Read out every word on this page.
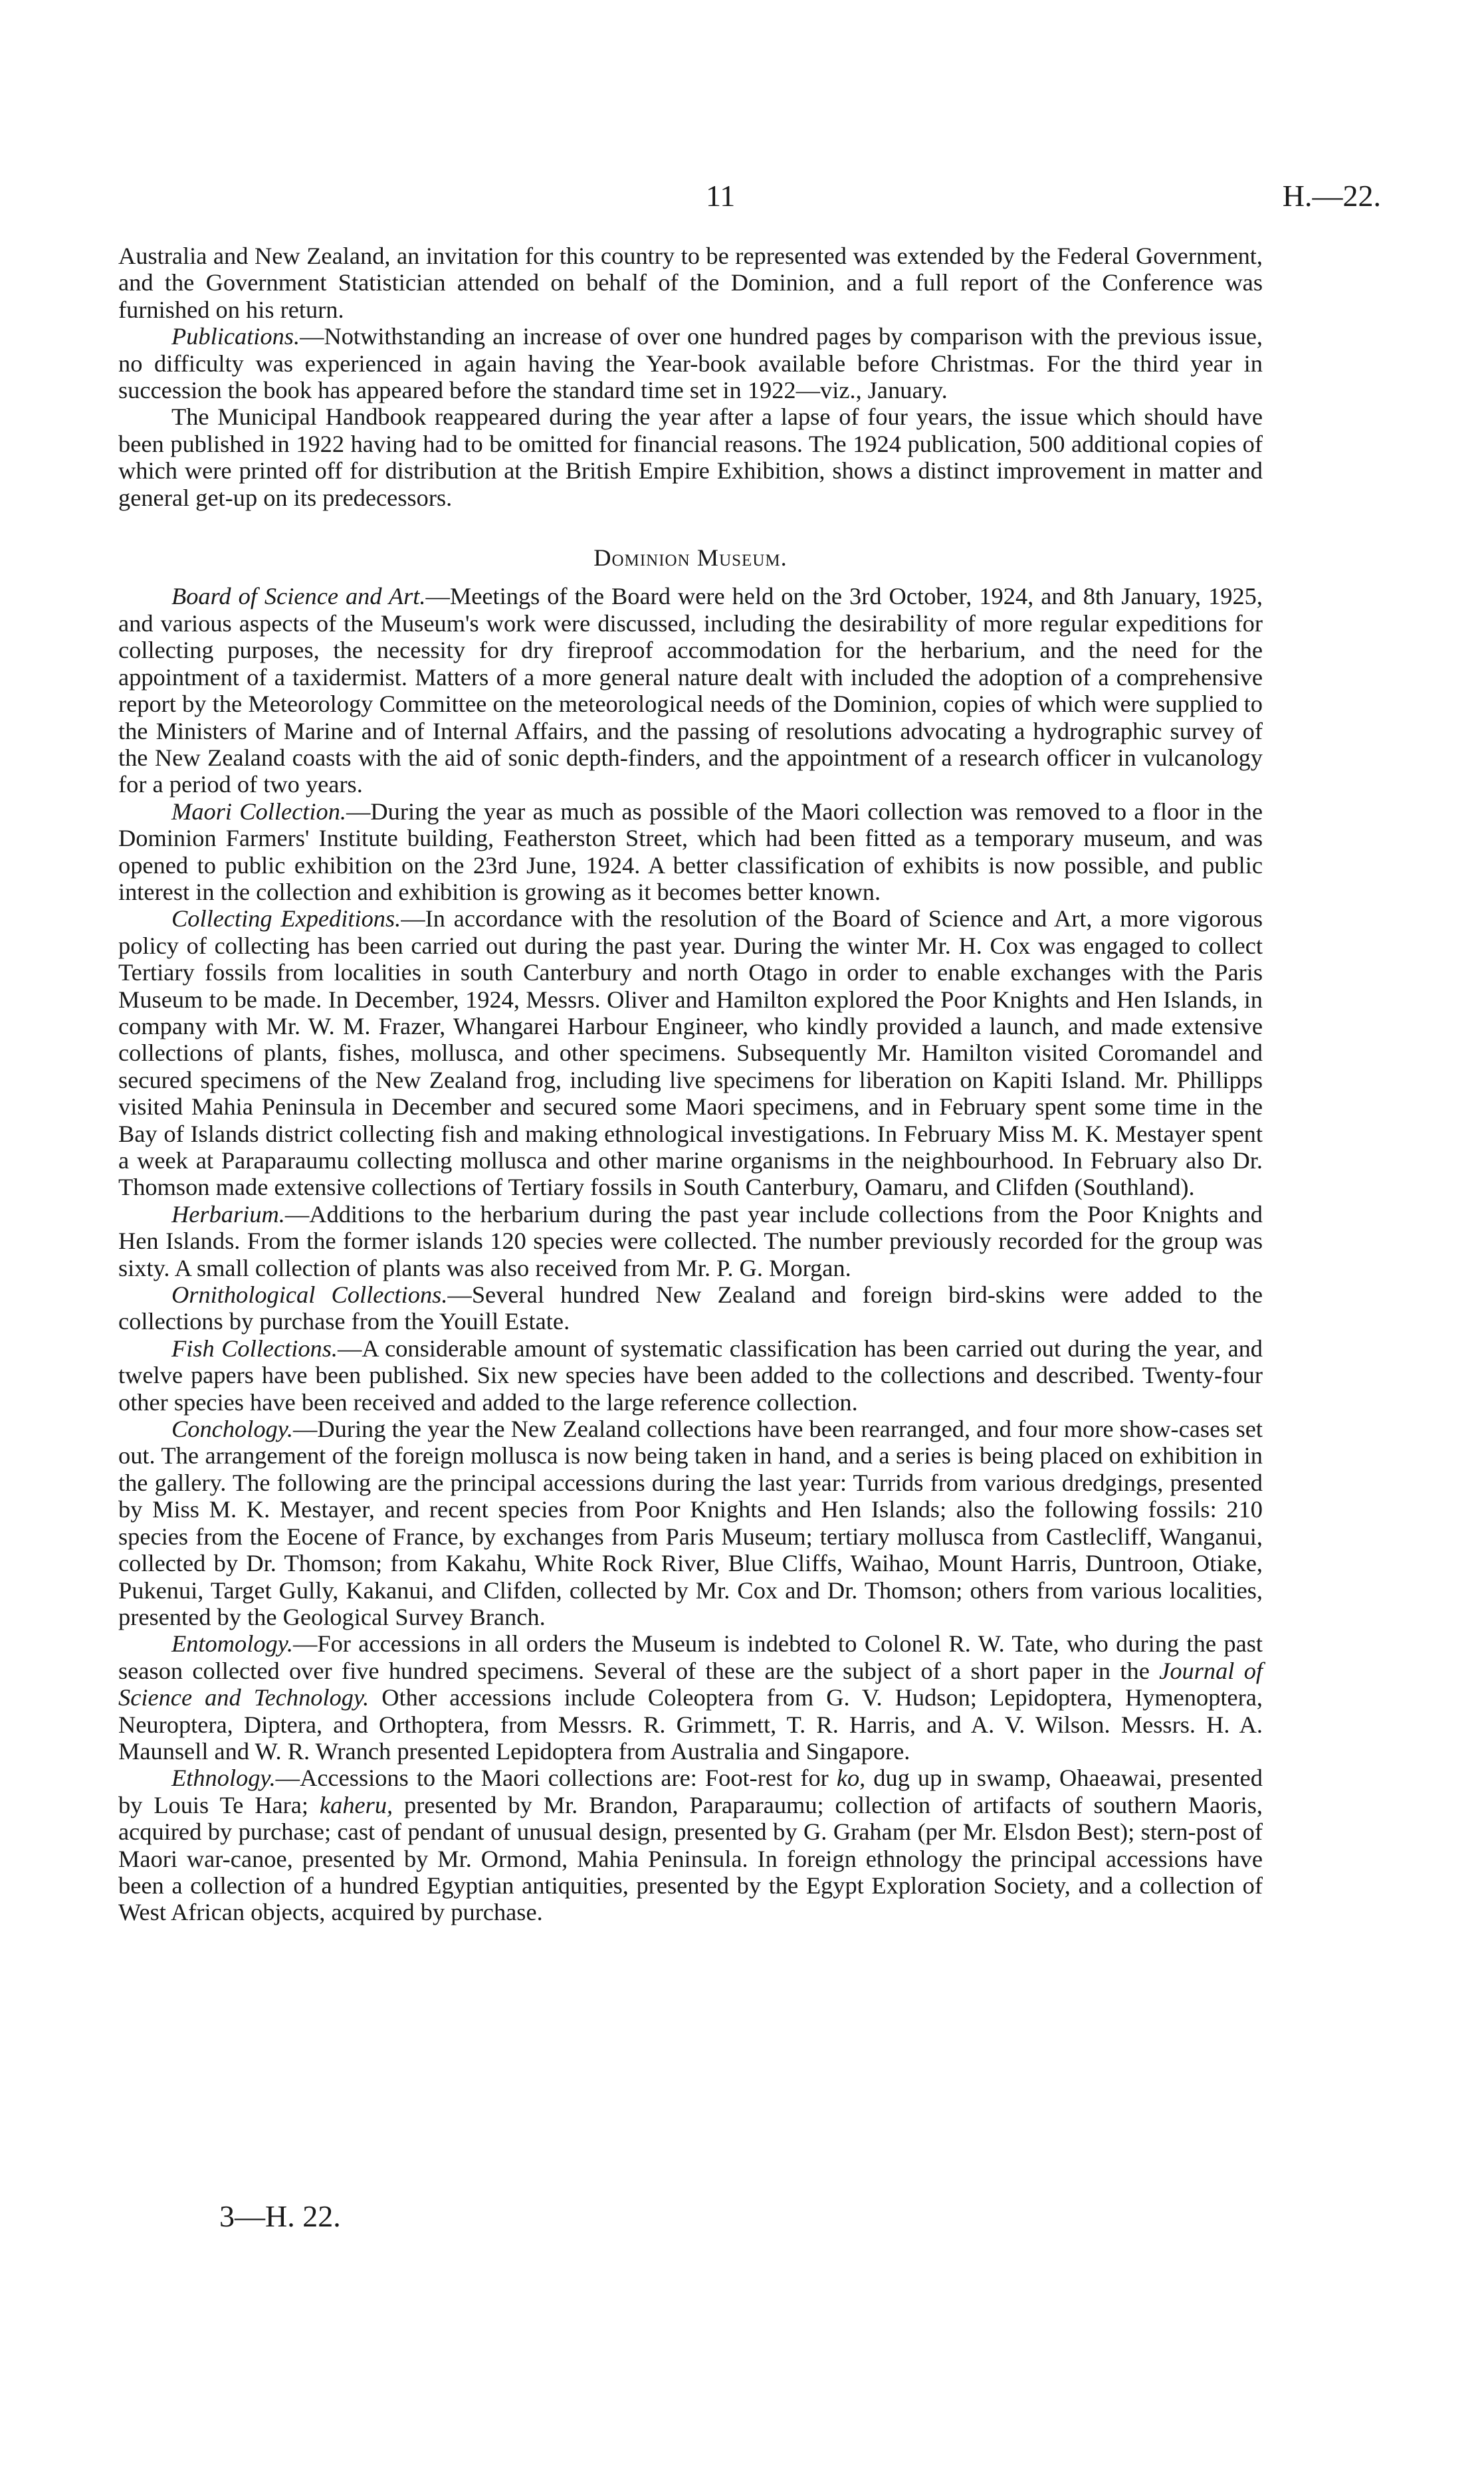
11	H.—22.

Australia and New Zealand, an invitation for this country to be represented was extended by the Federal Government, and the Government Statistician attended on behalf of the Dominion, and a full report of the Conference was furnished on his return.

Publications.—Notwithstanding an increase of over one hundred pages by comparison with the previous issue, no difficulty was experienced in again having the Year-book available before Christmas. For the third year in succession the book has appeared before the standard time set in 1922—viz., January.

The Municipal Handbook reappeared during the year after a lapse of four years, the issue which should have been published in 1922 having had to be omitted for financial reasons. The 1924 publication, 500 additional copies of which were printed off for distribution at the British Empire Exhibition, shows a distinct improvement in matter and general get-up on its predecessors.

Dominion Museum.

Board of Science and Art.—Meetings of the Board were held on the 3rd October, 1924, and 8th January, 1925, and various aspects of the Museum's work were discussed, including the desirability of more regular expeditions for collecting purposes, the necessity for dry fireproof accommodation for the herbarium, and the need for the appointment of a taxidermist. Matters of a more general nature dealt with included the adoption of a comprehensive report by the Meteorology Committee on the meteorological needs of the Dominion, copies of which were supplied to the Ministers of Marine and of Internal Affairs, and the passing of resolutions advocating a hydrographic survey of the New Zealand coasts with the aid of sonic depth-finders, and the appointment of a research officer in vulcanology for a period of two years.

Maori Collection.—During the year as much as possible of the Maori collection was removed to a floor in the Dominion Farmers' Institute building, Featherston Street, which had been fitted as a temporary museum, and was opened to public exhibition on the 23rd June, 1924. A better classification of exhibits is now possible, and public interest in the collection and exhibition is growing as it becomes better known.

Collecting Expeditions.—In accordance with the resolution of the Board of Science and Art, a more vigorous policy of collecting has been carried out during the past year. During the winter Mr. H. Cox was engaged to collect Tertiary fossils from localities in south Canterbury and north Otago in order to enable exchanges with the Paris Museum to be made. In December, 1924, Messrs. Oliver and Hamilton explored the Poor Knights and Hen Islands, in company with Mr. W. M. Frazer, Whangarei Harbour Engineer, who kindly provided a launch, and made extensive collections of plants, fishes, mollusca, and other specimens. Subsequently Mr. Hamilton visited Coromandel and secured specimens of the New Zealand frog, including live specimens for liberation on Kapiti Island. Mr. Phillipps visited Mahia Peninsula in December and secured some Maori specimens, and in February spent some time in the Bay of Islands district collecting fish and making ethnological investigations. In February Miss M. K. Mestayer spent a week at Paraparaumu collecting mollusca and other marine organisms in the neighbourhood. In February also Dr. Thomson made extensive collections of Tertiary fossils in South Canterbury, Oamaru, and Clifden (Southland).

Herbarium.—Additions to the herbarium during the past year include collections from the Poor Knights and Hen Islands. From the former islands 120 species were collected. The number previously recorded for the group was sixty. A small collection of plants was also received from Mr. P. G. Morgan.

Ornithological Collections.—Several hundred New Zealand and foreign bird-skins were added to the collections by purchase from the Youill Estate.

Fish Collections.—A considerable amount of systematic classification has been carried out during the year, and twelve papers have been published. Six new species have been added to the collections and described. Twenty-four other species have been received and added to the large reference collection.

Conchology.—During the year the New Zealand collections have been rearranged, and four more show-cases set out. The arrangement of the foreign mollusca is now being taken in hand, and a series is being placed on exhibition in the gallery. The following are the principal accessions during the last year: Turrids from various dredgings, presented by Miss M. K. Mestayer, and recent species from Poor Knights and Hen Islands; also the following fossils: 210 species from the Eocene of France, by exchanges from Paris Museum; tertiary mollusca from Castlecliff, Wanganui, collected by Dr. Thomson; from Kakahu, White Rock River, Blue Cliffs, Waihao, Mount Harris, Duntroon, Otiake, Pukenui, Target Gully, Kakanui, and Clifden, collected by Mr. Cox and Dr. Thomson; others from various localities, presented by the Geological Survey Branch.

Entomology.—For accessions in all orders the Museum is indebted to Colonel R. W. Tate, who during the past season collected over five hundred specimens. Several of these are the subject of a short paper in the Journal of Science and Technology. Other accessions include Coleoptera from G. V. Hudson; Lepidoptera, Hymenoptera, Neuroptera, Diptera, and Orthoptera, from Messrs. R. Grimmett, T. R. Harris, and A. V. Wilson. Messrs. H. A. Maunsell and W. R. Wranch presented Lepidoptera from Australia and Singapore.

Ethnology.—Accessions to the Maori collections are: Foot-rest for ko, dug up in swamp, Ohaeawai, presented by Louis Te Hara; kaheru, presented by Mr. Brandon, Paraparaumu; collection of artifacts of southern Maoris, acquired by purchase; cast of pendant of unusual design, presented by G. Graham (per Mr. Elsdon Best); stern-post of Maori war-canoe, presented by Mr. Ormond, Mahia Peninsula. In foreign ethnology the principal accessions have been a collection of a hundred Egyptian antiquities, presented by the Egypt Exploration Society, and a collection of West African objects, acquired by purchase.

3—H. 22.
